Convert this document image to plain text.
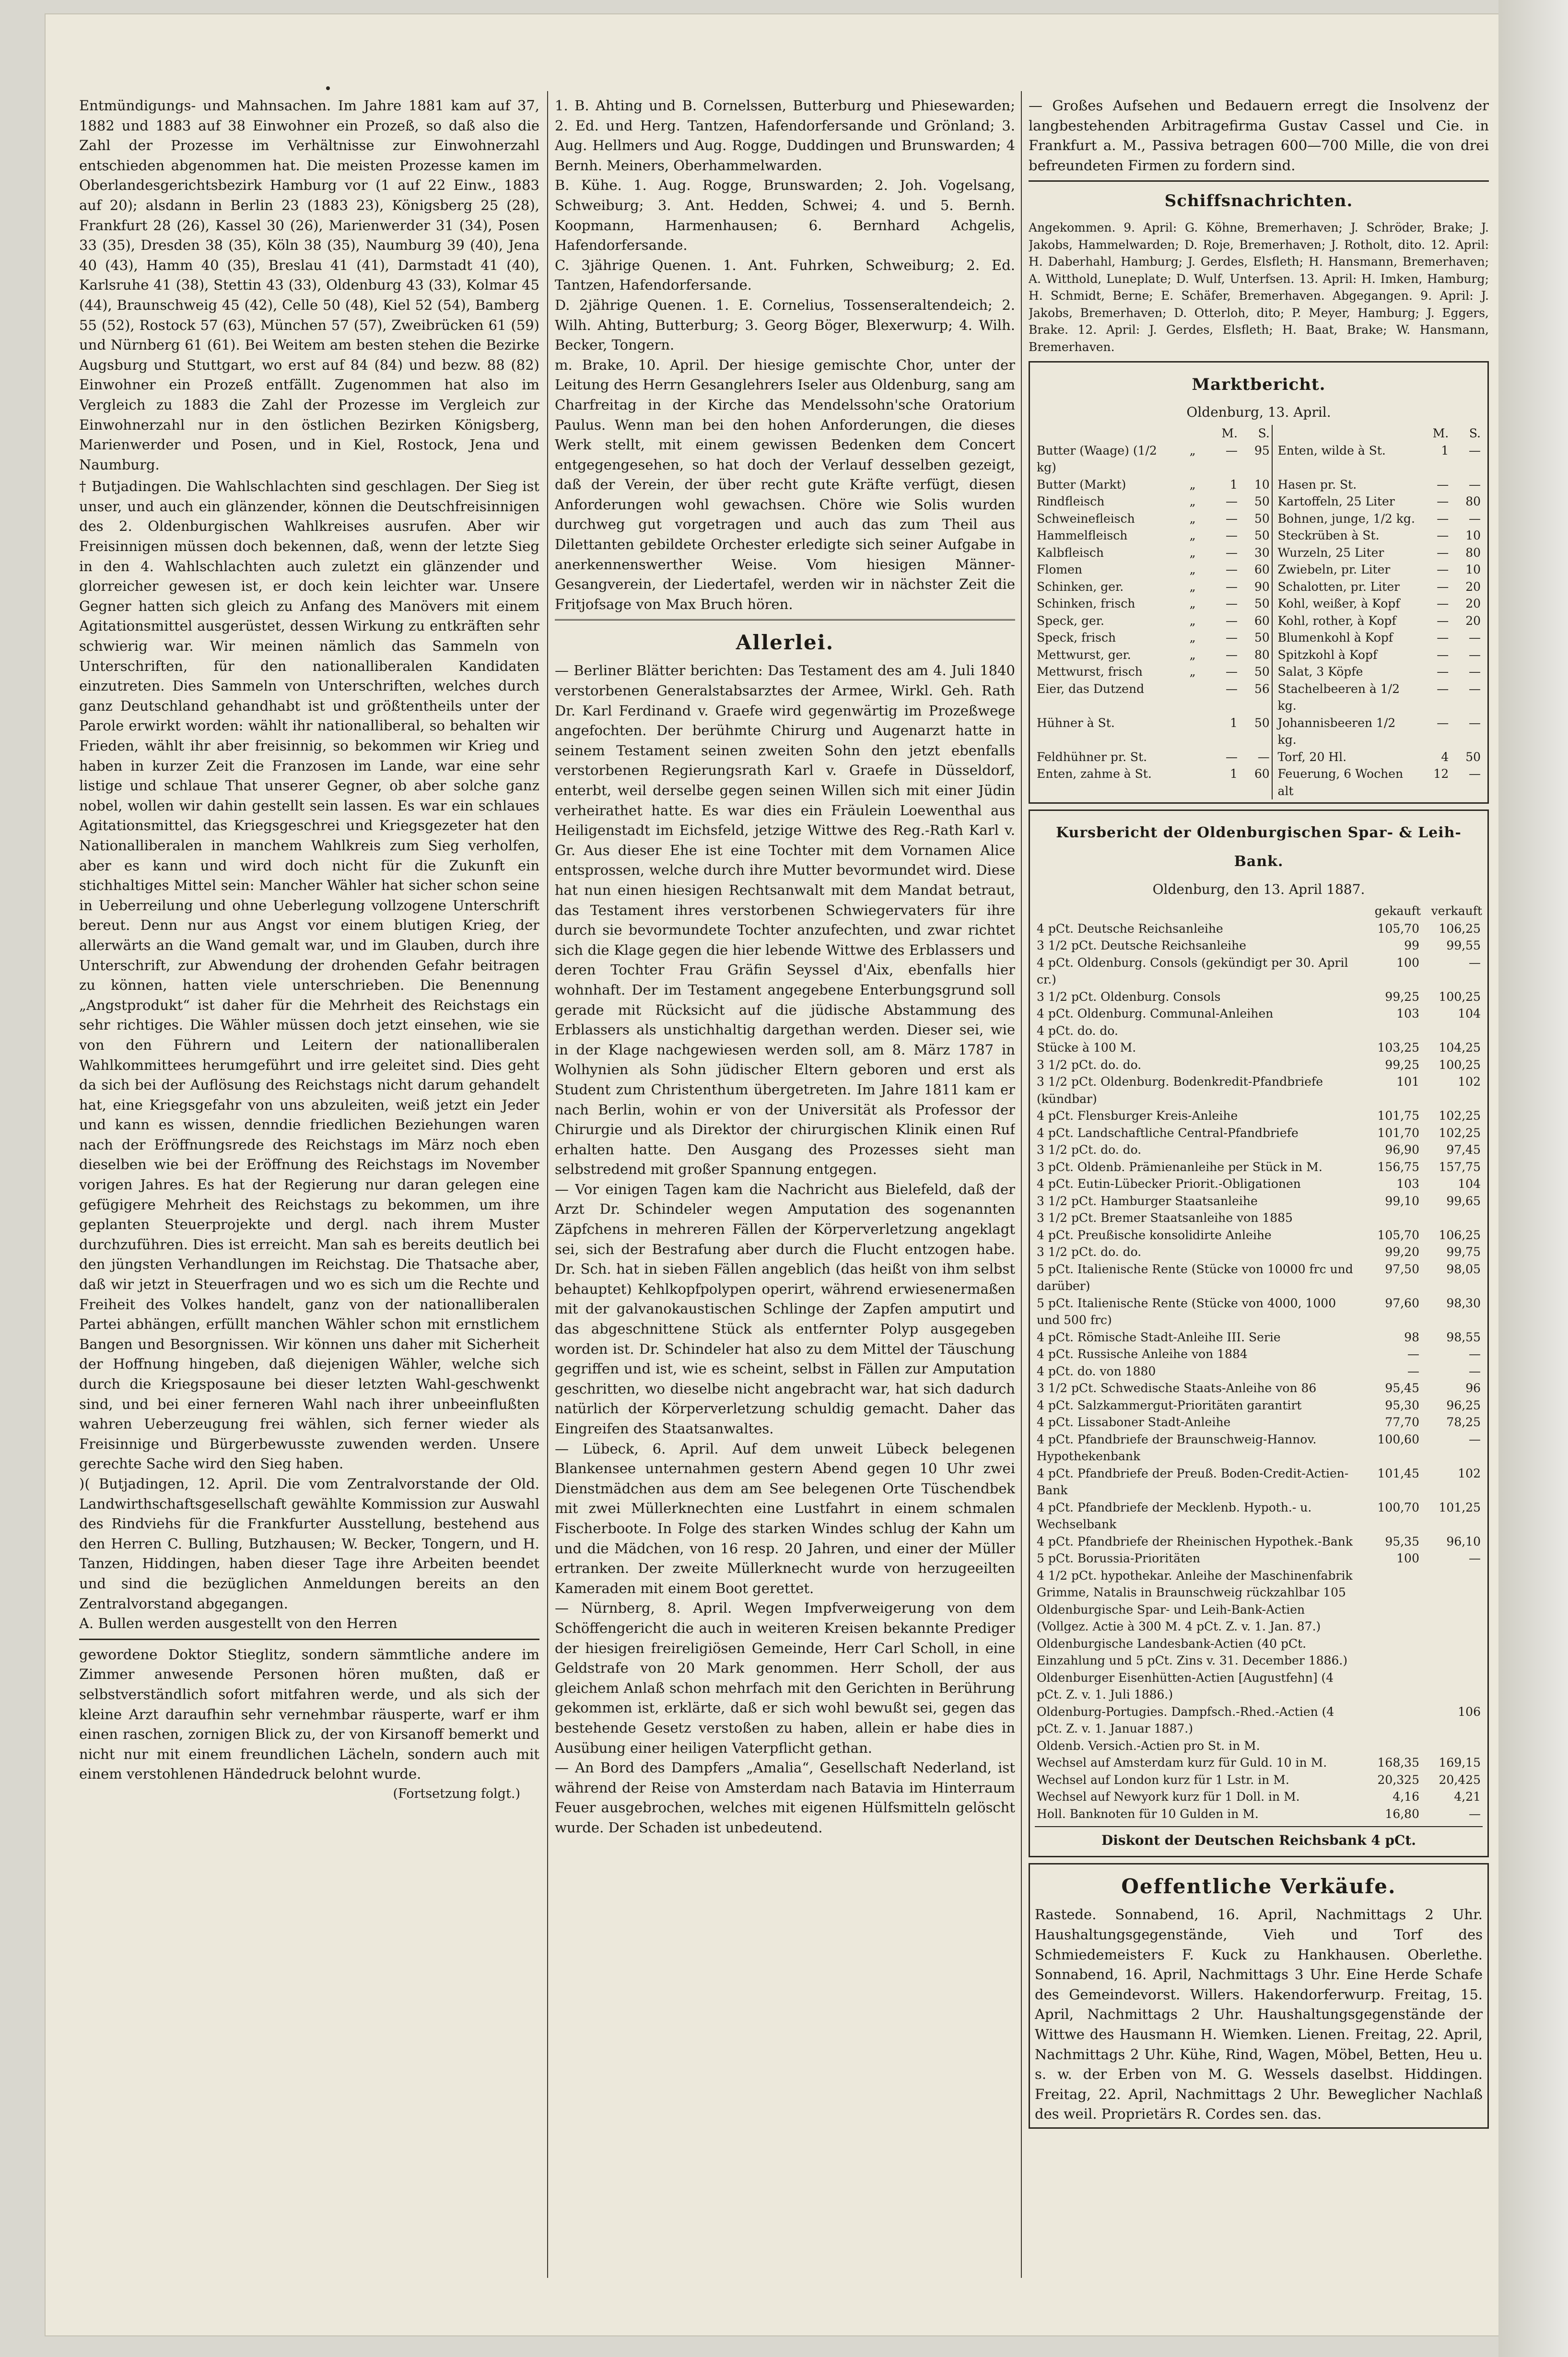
Entmündigungs- und Mahnsachen. Im Jahre 1881 kam auf 37, 1882 und 1883 auf 38 Einwohner ein Prozeß, so daß also die Zahl der Prozesse im Verhältnisse zur Einwohnerzahl entschieden abgenommen hat. Die meisten Prozesse kamen im Oberlandesgerichtsbezirk Hamburg vor (1 auf 22 Einw., 1883 auf 20); alsdann in Berlin 23 (1883 23), Königsberg 25 (28), Frankfurt 28 (26), Kassel 30 (26), Marienwerder 31 (34), Posen 33 (35), Dresden 38 (35), Köln 38 (35), Naumburg 39 (40), Jena 40 (43), Hamm 40 (35), Breslau 41 (41), Darmstadt 41 (40), Karlsruhe 41 (38), Stettin 43 (33), Oldenburg 43 (33), Kolmar 45 (44), Braunschweig 45 (42), Celle 50 (48), Kiel 52 (54), Bamberg 55 (52), Rostock 57 (63), München 57 (57), Zweibrücken 61 (59) und Nürnberg 61 (61). Bei Weitem am besten stehen die Bezirke Augsburg und Stuttgart, wo erst auf 84 (84) und bezw. 88 (82) Einwohner ein Prozeß entfällt. Zugenommen hat also im Vergleich zu 1883 die Zahl der Prozesse im Vergleich zur Einwohnerzahl nur in den östlichen Bezirken Königsberg, Marienwerder und Posen, und in Kiel, Rostock, Jena und Naumburg.

† Butjadingen. Die Wahlschlachten sind geschlagen. Der Sieg ist unser, und auch ein glänzender, können die Deutschfreisinnigen des 2. Oldenburgischen Wahlkreises ausrufen. Aber wir Freisinnigen müssen doch bekennen, daß, wenn der letzte Sieg in den 4. Wahlschlachten auch zuletzt ein glänzender und glorreicher gewesen ist, er doch kein leichter war. Unsere Gegner hatten sich gleich zu Anfang des Manövers mit einem Agitationsmittel ausgerüstet, dessen Wirkung zu entkräften sehr schwierig war. Wir meinen nämlich das Sammeln von Unterschriften, für den nationalliberalen Kandidaten einzutreten. Dies Sammeln von Unterschriften, welches durch ganz Deutschland gehandhabt ist und größtentheils unter der Parole erwirkt worden: wählt ihr nationalliberal, so behalten wir Frieden, wählt ihr aber freisinnig, so bekommen wir Krieg und haben in kurzer Zeit die Franzosen im Lande, war eine sehr listige und schlaue That unserer Gegner, ob aber solche ganz nobel, wollen wir dahin gestellt sein lassen. Es war ein schlaues Agitationsmittel, das Kriegsgeschrei und Kriegsgezeter hat den Nationalliberalen in manchem Wahlkreis zum Sieg verholfen, aber es kann und wird doch nicht für die Zukunft ein stichhaltiges Mittel sein: Mancher Wähler hat sicher schon seine in Ueberreilung und ohne Ueberlegung vollzogene Unterschrift bereut. Denn nur aus Angst vor einem blutigen Krieg, der allerwärts an die Wand gemalt war, und im Glauben, durch ihre Unterschrift, zur Abwendung der drohenden Gefahr beitragen zu können, hatten viele unterschrieben. Die Benennung „Angstprodukt“ ist daher für die Mehrheit des Reichstags ein sehr richtiges. Die Wähler müssen doch jetzt einsehen, wie sie von den Führern und Leitern der nationalliberalen Wahlkommittees herumgeführt und irre geleitet sind. Dies geht da sich bei der Auflösung des Reichstags nicht darum gehandelt hat, eine Kriegsgefahr von uns abzuleiten, weiß jetzt ein Jeder und kann es wissen, denndie friedlichen Beziehungen waren nach der Eröffnungsrede des Reichstags im März noch eben dieselben wie bei der Eröffnung des Reichstags im November vorigen Jahres. Es hat der Regierung nur daran gelegen eine gefügigere Mehrheit des Reichstags zu bekommen, um ihre geplanten Steuerprojekte und dergl. nach ihrem Muster durchzuführen. Dies ist erreicht. Man sah es bereits deutlich bei den jüngsten Verhandlungen im Reichstag. Die Thatsache aber, daß wir jetzt in Steuerfragen und wo es sich um die Rechte und Freiheit des Volkes handelt, ganz von der nationalliberalen Partei abhängen, erfüllt manchen Wähler schon mit ernstlichem Bangen und Besorgnissen. Wir können uns daher mit Sicherheit der Hoffnung hingeben, daß diejenigen Wähler, welche sich durch die Kriegsposaune bei dieser letzten Wahl-geschwenkt sind, und bei einer ferneren Wahl nach ihrer unbeeinflußten wahren Ueberzeugung frei wählen, sich ferner wieder als Freisinnige und Bürgerbewusste zuwenden werden. Unsere gerechte Sache wird den Sieg haben.

)( Butjadingen, 12. April. Die vom Zentralvorstande der Old. Landwirthschaftsgesellschaft gewählte Kommission zur Auswahl des Rindviehs für die Frankfurter Ausstellung, bestehend aus den Herren C. Bulling, Butzhausen; W. Becker, Tongern, und H. Tanzen, Hiddingen, haben dieser Tage ihre Arbeiten beendet und sind die bezüglichen Anmeldungen bereits an den Zentralvorstand abgegangen.

A. Bullen werden ausgestellt von den Herren

gewordene Doktor Stieglitz, sondern sämmtliche andere im Zimmer anwesende Personen hören mußten, daß er selbstverständlich sofort mitfahren werde, und als sich der kleine Arzt daraufhin sehr vernehmbar räusperte, warf er ihm einen raschen, zornigen Blick zu, der von Kirsanoff bemerkt und nicht nur mit einem freundlichen Lächeln, sondern auch mit einem verstohlenen Händedruck belohnt wurde.

(Fortsetzung folgt.)

1. B. Ahting und B. Cornelssen, Butterburg und Phiesewarden; 2. Ed. und Herg. Tantzen, Hafendorfersande und Grönland; 3. Aug. Hellmers und Aug. Rogge, Duddingen und Brunswarden; 4 Bernh. Meiners, Oberhammelwarden.

B. Kühe. 1. Aug. Rogge, Brunswarden; 2. Joh. Vogelsang, Schweiburg; 3. Ant. Hedden, Schwei; 4. und 5. Bernh. Koopmann, Harmenhausen; 6. Bernhard Achgelis, Hafendorfersande.

C. 3jährige Quenen. 1. Ant. Fuhrken, Schweiburg; 2. Ed. Tantzen, Hafendorfersande.

D. 2jährige Quenen. 1. E. Cornelius, Tossenseraltendeich; 2. Wilh. Ahting, Butterburg; 3. Georg Böger, Blexerwurp; 4. Wilh. Becker, Tongern.

m. Brake, 10. April. Der hiesige gemischte Chor, unter der Leitung des Herrn Gesanglehrers Iseler aus Oldenburg, sang am Charfreitag in der Kirche das Mendelssohn'sche Oratorium Paulus. Wenn man bei den hohen Anforderungen, die dieses Werk stellt, mit einem gewissen Bedenken dem Concert entgegengesehen, so hat doch der Verlauf desselben gezeigt, daß der Verein, der über recht gute Kräfte verfügt, diesen Anforderungen wohl gewachsen. Chöre wie Solis wurden durchweg gut vorgetragen und auch das zum Theil aus Dilettanten gebildete Orchester erledigte sich seiner Aufgabe in anerkennenswerther Weise. Vom hiesigen Männer-Gesangverein, der Liedertafel, werden wir in nächster Zeit die Fritjofsage von Max Bruch hören.

Allerlei.

— Berliner Blätter berichten: Das Testament des am 4. Juli 1840 verstorbenen Generalstabsarztes der Armee, Wirkl. Geh. Rath Dr. Karl Ferdinand v. Graefe wird gegenwärtig im Prozeßwege angefochten. Der berühmte Chirurg und Augenarzt hatte in seinem Testament seinen zweiten Sohn den jetzt ebenfalls verstorbenen Regierungsrath Karl v. Graefe in Düsseldorf, enterbt, weil derselbe gegen seinen Willen sich mit einer Jüdin verheirathet hatte. Es war dies ein Fräulein Loewenthal aus Heiligenstadt im Eichsfeld, jetzige Wittwe des Reg.-Rath Karl v. Gr. Aus dieser Ehe ist eine Tochter mit dem Vornamen Alice entsprossen, welche durch ihre Mutter bevormundet wird. Diese hat nun einen hiesigen Rechtsanwalt mit dem Mandat betraut, das Testament ihres verstorbenen Schwiegervaters für ihre durch sie bevormundete Tochter anzufechten, und zwar richtet sich die Klage gegen die hier lebende Wittwe des Erblassers und deren Tochter Frau Gräfin Seyssel d'Aix, ebenfalls hier wohnhaft. Der im Testament angegebene Enterbungsgrund soll gerade mit Rücksicht auf die jüdische Abstammung des Erblassers als unstichhaltig dargethan werden. Dieser sei, wie in der Klage nachgewiesen werden soll, am 8. März 1787 in Wolhynien als Sohn jüdischer Eltern geboren und erst als Student zum Christenthum übergetreten. Im Jahre 1811 kam er nach Berlin, wohin er von der Universität als Professor der Chirurgie und als Direktor der chirurgischen Klinik einen Ruf erhalten hatte. Den Ausgang des Prozesses sieht man selbstredend mit großer Spannung entgegen.

— Vor einigen Tagen kam die Nachricht aus Bielefeld, daß der Arzt Dr. Schindeler wegen Amputation des sogenannten Zäpfchens in mehreren Fällen der Körperverletzung angeklagt sei, sich der Bestrafung aber durch die Flucht entzogen habe. Dr. Sch. hat in sieben Fällen angeblich (das heißt von ihm selbst behauptet) Kehlkopfpolypen operirt, während erwiesenermaßen mit der galvanokaustischen Schlinge der Zapfen amputirt und das abgeschnittene Stück als entfernter Polyp ausgegeben worden ist. Dr. Schindeler hat also zu dem Mittel der Täuschung gegriffen und ist, wie es scheint, selbst in Fällen zur Amputation geschritten, wo dieselbe nicht angebracht war, hat sich dadurch natürlich der Körperverletzung schuldig gemacht. Daher das Eingreifen des Staatsanwaltes.

— Lübeck, 6. April. Auf dem unweit Lübeck belegenen Blankensee unternahmen gestern Abend gegen 10 Uhr zwei Dienstmädchen aus dem am See belegenen Orte Tüschendbek mit zwei Müllerknechten eine Lustfahrt in einem schmalen Fischerboote. In Folge des starken Windes schlug der Kahn um und die Mädchen, von 16 resp. 20 Jahren, und einer der Müller ertranken. Der zweite Müllerknecht wurde von herzugeeilten Kameraden mit einem Boot gerettet.

— Nürnberg, 8. April. Wegen Impfverweigerung von dem Schöffengericht die auch in weiteren Kreisen bekannte Prediger der hiesigen freireligiösen Gemeinde, Herr Carl Scholl, in eine Geldstrafe von 20 Mark genommen. Herr Scholl, der aus gleichem Anlaß schon mehrfach mit den Gerichten in Berührung gekommen ist, erklärte, daß er sich wohl bewußt sei, gegen das bestehende Gesetz verstoßen zu haben, allein er habe dies in Ausübung einer heiligen Vaterpflicht gethan.

— An Bord des Dampfers „Amalia“, Gesellschaft Nederland, ist während der Reise von Amsterdam nach Batavia im Hinterraum Feuer ausgebrochen, welches mit eigenen Hülfsmitteln gelöscht wurde. Der Schaden ist unbedeutend.

— Großes Aufsehen und Bedauern erregt die Insolvenz der langbestehenden Arbitragefirma Gustav Cassel und Cie. in Frankfurt a. M., Passiva betragen 600—700 Mille, die von drei befreundeten Firmen zu fordern sind.

Schiffsnachrichten.
Angekommen. 9. April: G. Köhne, Bremerhaven; J. Schröder, Brake; J. Jakobs, Hammelwarden; D. Roje, Bremerhaven; J. Rotholt, dito. 12. April: H. Daberhahl, Hamburg; J. Gerdes, Elsfleth; H. Hansmann, Bremerhaven; A. Witthold, Luneplate; D. Wulf, Unterfsen. 13. April: H. Imken, Hamburg; H. Schmidt, Berne; E. Schäfer, Bremerhaven. Abgegangen. 9. April: J. Jakobs, Bremerhaven; D. Otterloh, dito; P. Meyer, Hamburg; J. Eggers, Brake. 12. April: J. Gerdes, Elsfleth; H. Baat, Brake; W. Hansmann, Bremerhaven.
Marktbericht.
Oldenburg, 13. April.
		M.	S.			M.	S.
Butter (Waage) (1/2 kg)	„	—	95		Enten, wilde à St.	1	—
Butter (Markt)	„	1	10		Hasen pr. St.	—	—
Rindfleisch	„	—	50		Kartoffeln, 25 Liter	—	80
Schweinefleisch	„	—	50		Bohnen, junge, 1/2 kg.	—	—
Hammelfleisch	„	—	50		Steckrüben à St.	—	10
Kalbfleisch	„	—	30		Wurzeln, 25 Liter	—	80
Flomen	„	—	60		Zwiebeln, pr. Liter	—	10
Schinken, ger.	„	—	90		Schalotten, pr. Liter	—	20
Schinken, frisch	„	—	50		Kohl, weißer, à Kopf	—	20
Speck, ger.	„	—	60		Kohl, rother, à Kopf	—	20
Speck, frisch	„	—	50		Blumenkohl à Kopf	—	—
Mettwurst, ger.	„	—	80		Spitzkohl à Kopf	—	—
Mettwurst, frisch	„	—	50		Salat, 3 Köpfe	—	—
Eier, das Dutzend		—	56		Stachelbeeren à 1/2 kg.	—	—
Hühner à St.		1	50		Johannisbeeren 1/2 kg.	—	—
Feldhühner pr. St.		—	—		Torf, 20 Hl.	4	50
Enten, zahme à St.		1	60		Feuerung, 6 Wochen alt	12	—
Kursbericht der Oldenburgischen Spar- & Leih-Bank.
Oldenburg, den 13. April 1887.
	gekauft	verkauft
4 pCt. Deutsche Reichsanleihe	105,70	106,25
3 1/2 pCt. Deutsche Reichsanleihe	99	99,55
4 pCt. Oldenburg. Consols (gekündigt per 30. April cr.)	100	—
3 1/2 pCt. Oldenburg. Consols	99,25	100,25
4 pCt. Oldenburg. Communal-Anleihen	103	104
4 pCt. do. do.		
Stücke à 100 M.	103,25	104,25
3 1/2 pCt. do. do.	99,25	100,25
3 1/2 pCt. Oldenburg. Bodenkredit-Pfandbriefe (kündbar)	101	102
4 pCt. Flensburger Kreis-Anleihe	101,75	102,25
4 pCt. Landschaftliche Central-Pfandbriefe	101,70	102,25
3 1/2 pCt. do. do.	96,90	97,45
3 pCt. Oldenb. Prämienanleihe per Stück in M.	156,75	157,75
4 pCt. Eutin-Lübecker Priorit.-Obligationen	103	104
3 1/2 pCt. Hamburger Staatsanleihe	99,10	99,65
3 1/2 pCt. Bremer Staatsanleihe von 1885		
4 pCt. Preußische konsolidirte Anleihe	105,70	106,25
3 1/2 pCt. do. do.	99,20	99,75
5 pCt. Italienische Rente (Stücke von 10000 frc und darüber)	97,50	98,05
5 pCt. Italienische Rente (Stücke von 4000, 1000 und 500 frc)	97,60	98,30
4 pCt. Römische Stadt-Anleihe III. Serie	98	98,55
4 pCt. Russische Anleihe von 1884	—	—
4 pCt. do. von 1880	—	—
3 1/2 pCt. Schwedische Staats-Anleihe von 86	95,45	96
4 pCt. Salzkammergut-Prioritäten garantirt	95,30	96,25
4 pCt. Lissaboner Stadt-Anleihe	77,70	78,25
4 pCt. Pfandbriefe der Braunschweig-Hannov. Hypothekenbank	100,60	—
4 pCt. Pfandbriefe der Preuß. Boden-Credit-Actien-Bank	101,45	102
4 pCt. Pfandbriefe der Mecklenb. Hypoth.- u. Wechselbank	100,70	101,25
4 pCt. Pfandbriefe der Rheinischen Hypothek.-Bank	95,35	96,10
5 pCt. Borussia-Prioritäten	100	—
4 1/2 pCt. hypothekar. Anleihe der Maschinenfabrik Grimme, Natalis in Braunschweig rückzahlbar 105		
Oldenburgische Spar- und Leih-Bank-Actien (Vollgez. Actie à 300 M. 4 pCt. Z. v. 1. Jan. 87.)		
Oldenburgische Landesbank-Actien (40 pCt. Einzahlung und 5 pCt. Zins v. 31. December 1886.)		
Oldenburger Eisenhütten-Actien [Augustfehn] (4 pCt. Z. v. 1. Juli 1886.)		
Oldenburg-Portugies. Dampfsch.-Rhed.-Actien (4 pCt. Z. v. 1. Januar 1887.)		106
Oldenb. Versich.-Actien pro St. in M.		
Wechsel auf Amsterdam kurz für Guld. 10 in M.	168,35	169,15
Wechsel auf London kurz für 1 Lstr. in M.	20,325	20,425
Wechsel auf Newyork kurz für 1 Doll. in M.	4,16	4,21
Holl. Banknoten für 10 Gulden in M.	16,80	—
Diskont der Deutschen Reichsbank 4 pCt.
Oeffentliche Verkäufe.

Rastede. Sonnabend, 16. April, Nachmittags 2 Uhr. Haushaltungsgegenstände, Vieh und Torf des Schmiedemeisters F. Kuck zu Hankhausen. Oberlethe. Sonnabend, 16. April, Nachmittags 3 Uhr. Eine Herde Schafe des Gemeindevorst. Willers. Hakendorferwurp. Freitag, 15. April, Nachmittags 2 Uhr. Haushaltungsgegenstände der Wittwe des Hausmann H. Wiemken. Lienen. Freitag, 22. April, Nachmittags 2 Uhr. Kühe, Rind, Wagen, Möbel, Betten, Heu u. s. w. der Erben von M. G. Wessels daselbst. Hiddingen. Freitag, 22. April, Nachmittags 2 Uhr. Beweglicher Nachlaß des weil. Proprietärs R. Cordes sen. das.
